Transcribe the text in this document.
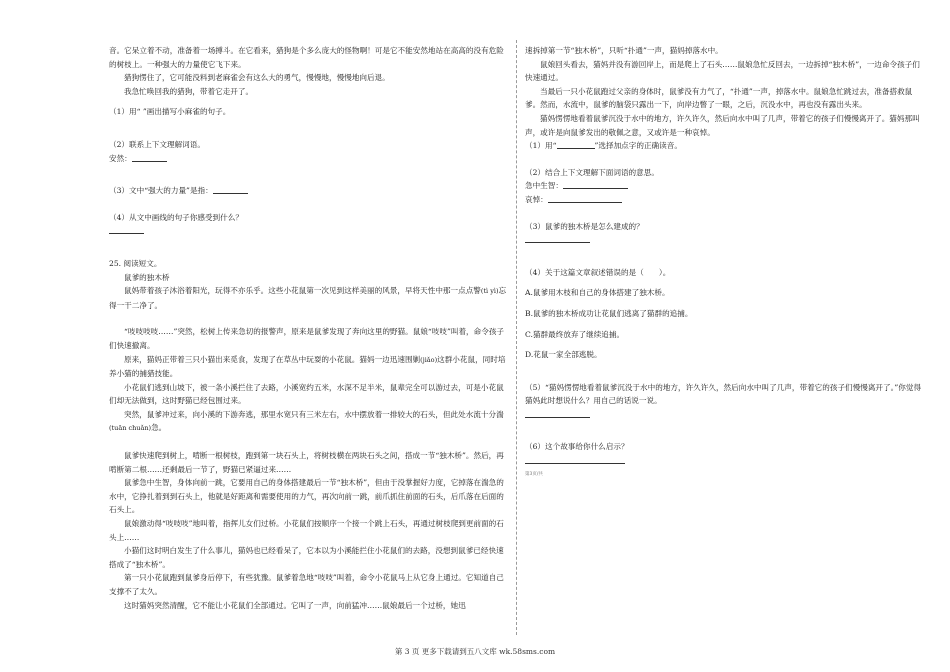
音。它呆立着不动，准备着一场搏斗。在它看来，猎狗是个多么庞大的怪物啊！可是它不能安然地站在高高的没有危险的树枝上。一种强大的力量使它飞下来。

猎狗愣住了，它可能没料到老麻雀会有这么大的勇气，慢慢地，慢慢地向后退。

我急忙唤回我的猎狗，带着它走开了。

（1）用“ ”画出描写小麻雀的句子。

（2）联系上下文理解词语。

安然：

（3）文中“强大的力量”是指：

（4）从文中画线的句子你感受到什么？

25. 阅读短文。

鼠爹的独木桥

鼠妈带着孩子沐浴着阳光，玩得不亦乐乎。这些小花鼠第一次见到这样美丽的风景，早将天性中那一点点警(tì yì)忘得一干二净了。

“吱吱吱吱……”突然，松树上传来急切的报警声，原来是鼠爹发现了奔向这里的野猫。鼠娘“吱吱”叫着，命令孩子们快速撤离。

原来，猫妈正带着三只小猫出来觅食，发现了在草丛中玩耍的小花鼠。猫妈一边迅速围剿(jiǎo)这群小花鼠，同时培养小猫的捕猎技能。

小花鼠们逃到山坡下，被一条小溪拦住了去路，小溪宽约五米，水深不足半米，鼠辈完全可以游过去，可是小花鼠们却无法做到，这时野猫已经包围过来。

突然，鼠爹冲过来，向小溪的下游奔逃，那里水宽只有三米左右，水中摆放着一排较大的石头，但此处水流十分湍(tuān chuǎn)急。

鼠爹快速爬到树上，啃断一根树枝，跑到第一块石头上，将树枝横在两块石头之间，搭成一节“独木桥”。然后，再啃断第二根……还剩最后一节了，野猫已紧逼过来……

鼠爹急中生智，身体向前一跳，它要用自己的身体搭建最后一节“独木桥”，但由于没掌握好力度，它掉落在湍急的水中，它挣扎着到到石头上，他就是好距离和需要使用的力气，再次向前一跳，前爪抓住前面的石头，后爪落在后面的石头上。

鼠娘激动得“吱吱吱”地叫着，指挥儿女们过桥。小花鼠们按顺序一个接一个跳上石头，再通过树枝爬到更前面的石头上……

小猫们这时明白发生了什么事儿，猫妈也已经看呆了，它本以为小溪能拦住小花鼠们的去路，没想到鼠爹已经快速搭成了“独木桥”。

第一只小花鼠跑到鼠爹身后停下，有些犹豫。鼠爹着急地“吱吱”叫着，命令小花鼠马上从它身上通过。它知道自己支撑不了太久。

这时猫妈突然清醒，它不能让小花鼠们全部通过。它叫了一声，向前猛冲……鼠娘最后一个过桥，她迅

速拆掉第一节“独木桥”，只听“扑通”一声，猫妈掉落水中。

鼠娘回头看去，猫妈并没有游回岸上，而是爬上了石头……鼠娘急忙反回去，一边拆掉“独木桥”，一边命令孩子们快速通过。

当最后一只小花鼠跑过父亲的身体时，鼠爹没有力气了，“扑通”一声，掉落水中。鼠娘急忙跳过去，准备搭救鼠爹。然而，水流中，鼠爹的脑袋只露出一下，向岸边瞥了一眼，之后，沉没水中，再也没有露出头来。

猫妈愣愣地看着鼠爹沉没于水中的地方，许久许久，然后向水中叫了几声，带着它的孩子们慢慢离开了。猫妈那叫声，或许是向鼠爹发出的敬佩之意，又或许是一种哀悼。

（1）用“	”选择加点字的正确读音。

（2）结合上下文理解下面词语的意思。

急中生智：

哀悼：

（3）鼠爹的独木桥是怎么建成的？

（4）关于这篇文章叙述错误的是（　　）。

A.鼠爹用木枝和自己的身体搭建了独木桥。

B.鼠爹的独木桥成功让花鼠们逃离了猫群的追捕。

C.猫群最终放弃了继续追捕。

D.花鼠一家全部逃脱。

（5）“猫妈愣愣地看着鼠爹沉没于水中的地方，许久许久，然后向水中叫了几声，带着它的孩子们慢慢离开了。”你觉得猫妈此时想说什么？用自己的话说一说。

（6）这个故事给你什么启示？

第3页/共

第 3 页 更多下载请到五八文库 wk.58sms.com
